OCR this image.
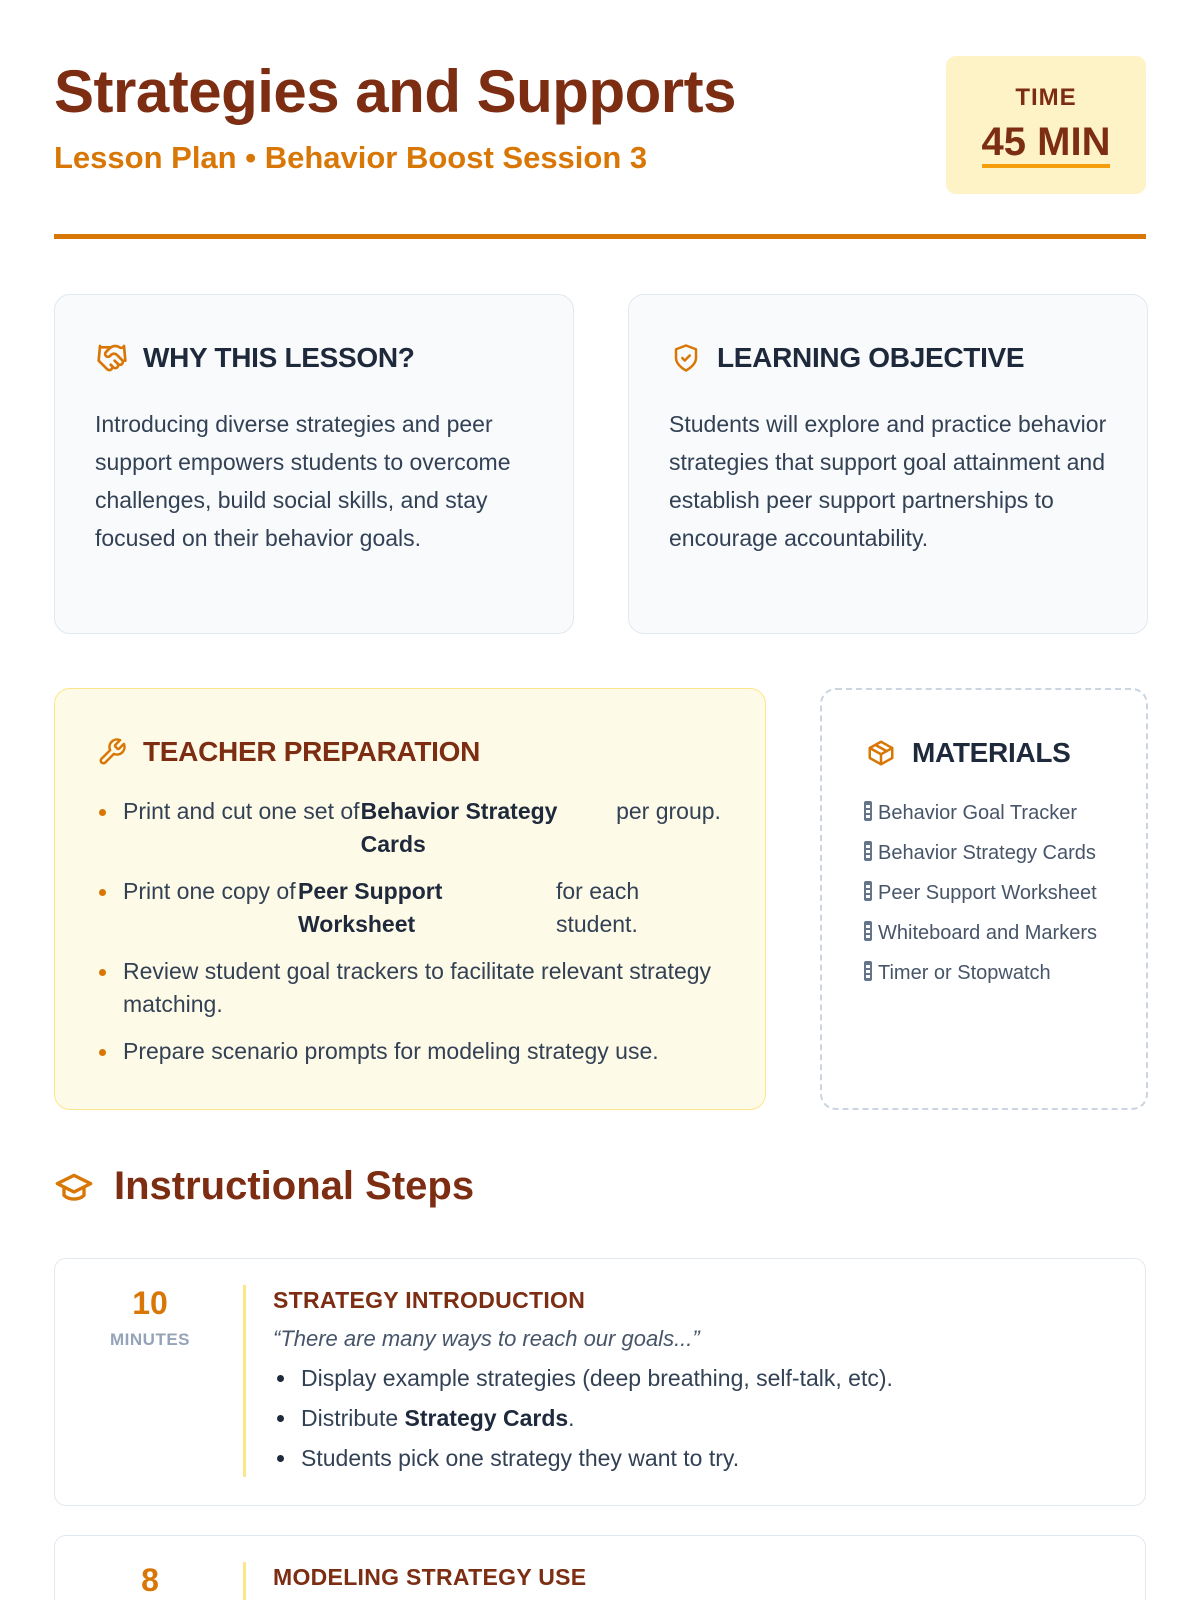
Strategies and Supports
Lesson Plan • Behavior Boost Session 3
TIME
45 MIN
WHY THIS LESSON?
Introducing diverse strategies and peer support empowers students to overcome challenges, build social skills, and stay focused on their behavior goals.
LEARNING OBJECTIVE
Students will explore and practice behavior strategies that support goal attainment and establish peer support partnerships to encourage accountability.
TEACHER PREPARATION
Print and cut one set of Behavior Strategy Cards
per group.
Print one copy of Peer Support Worksheet
for each student.
Review student goal trackers to facilitate relevant strategy matching.
Prepare scenario prompts for modeling strategy use.
MATERIALS
Behavior Goal Tracker
Behavior Strategy Cards
Peer Support Worksheet
Whiteboard and Markers
Timer or Stopwatch
Instructional Steps
10
MINUTES
STRATEGY INTRODUCTION
“There are many ways to reach our goals...”
Display example strategies (deep breathing, self-talk, etc).
Distribute Strategy Cards.
Students pick one strategy they want to try.
8	MODELING STRATEGY USE
